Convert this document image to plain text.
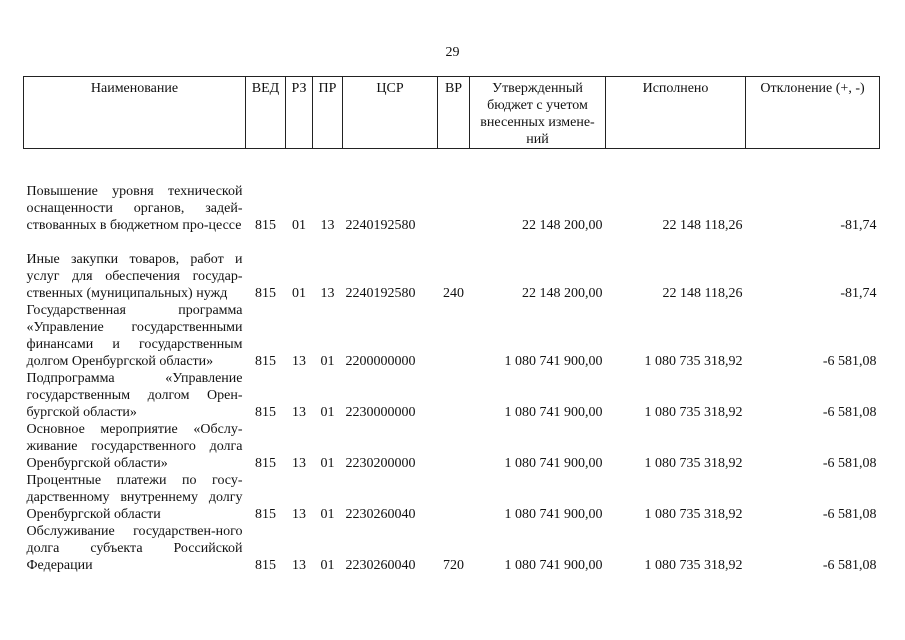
29
Наименование	ВЕД	РЗ	ПР	ЦСР	ВР	Утвержденный бюджет с учетом внесенных измене-ний	Исполнено	Отклонение (+, -)
Повышение уровня технической оснащенности органов, задей-ствованных в бюджетном про-цессе	815	01	13	2240192580		22 148 200,00	22 148 118,26	-81,74
Иные закупки товаров, работ и услуг для обеспечения государ-ственных (муниципальных) нужд	815	01	13	2240192580	240	22 148 200,00	22 148 118,26	-81,74
Государственная программа «Управление государственными финансами и государственным долгом Оренбургской области»	815	13	01	2200000000		1 080 741 900,00	1 080 735 318,92	-6 581,08
Подпрограмма «Управление государственным долгом Орен-бургской области»	815	13	01	2230000000		1 080 741 900,00	1 080 735 318,92	-6 581,08
Основное мероприятие «Обслу-живание государственного долга Оренбургской области»	815	13	01	2230200000		1 080 741 900,00	1 080 735 318,92	-6 581,08
Процентные платежи по госу-дарственному внутреннему долгу Оренбургской области	815	13	01	2230260040		1 080 741 900,00	1 080 735 318,92	-6 581,08
Обслуживание государствен-ного долга субъекта Российской Федерации	815	13	01	2230260040	720	1 080 741 900,00	1 080 735 318,92	-6 581,08
